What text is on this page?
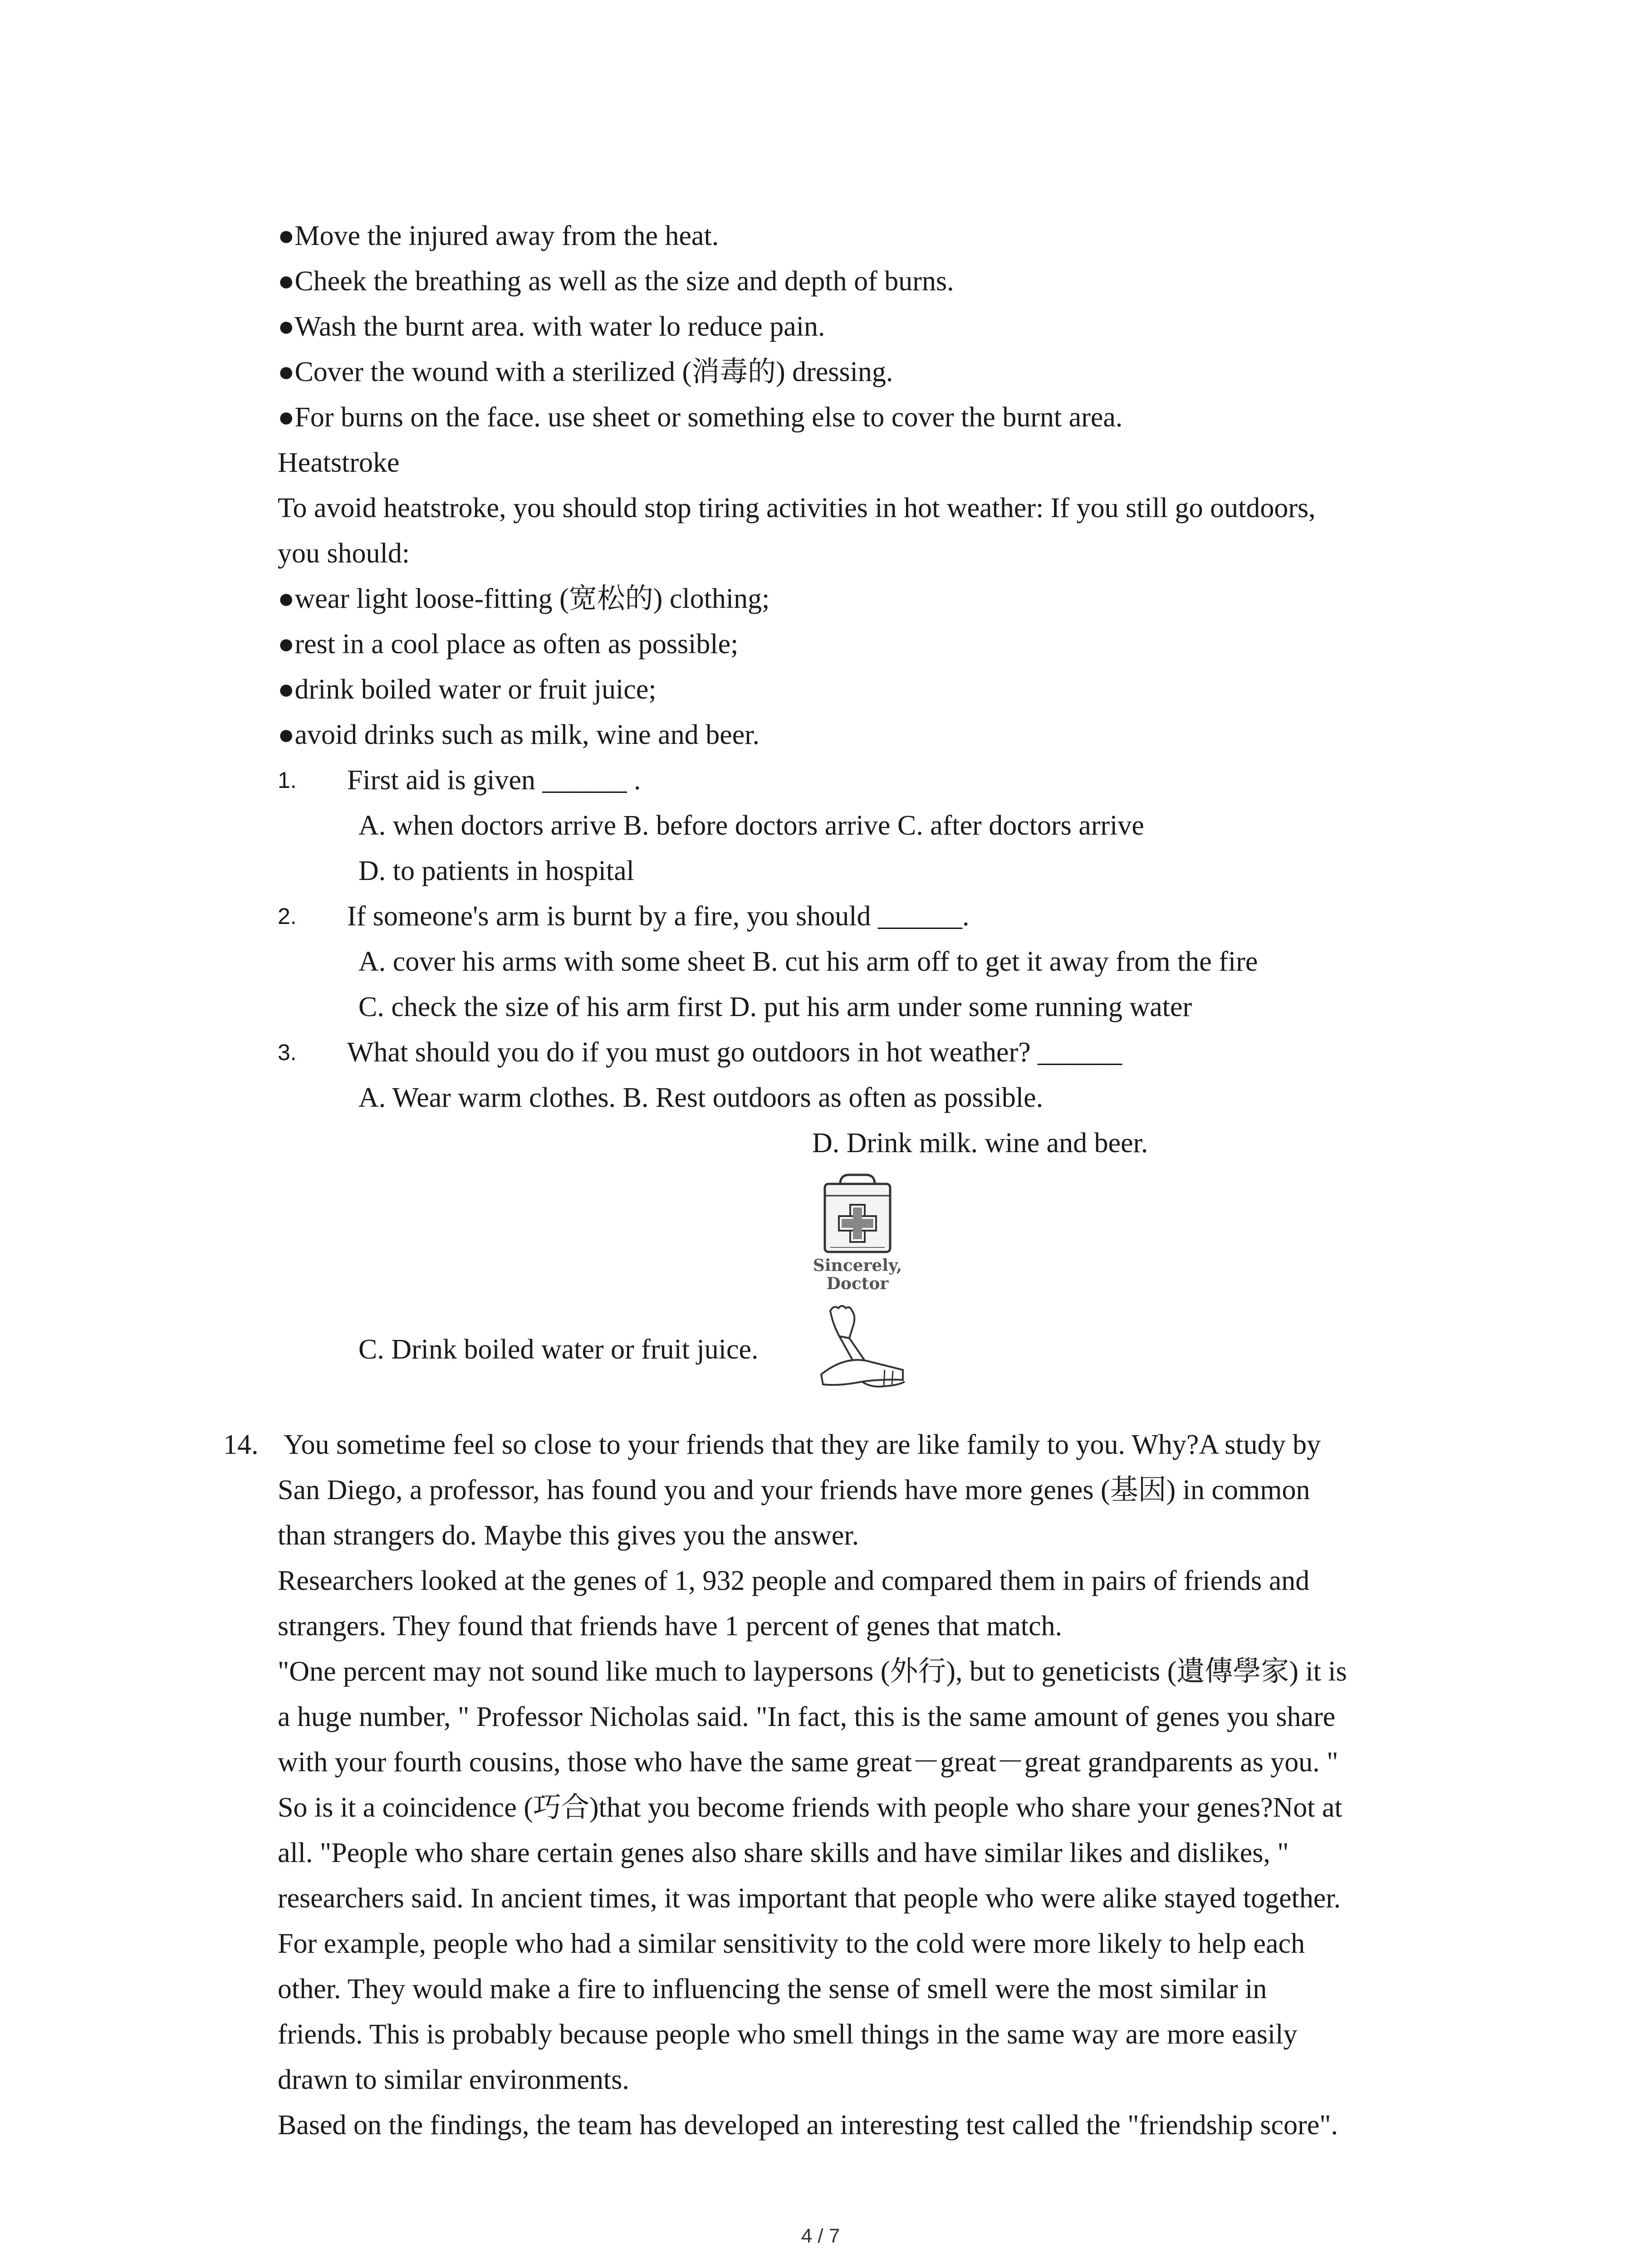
●Move the injured away from the heat.
●Cheek the breathing as well as the size and depth of burns.
●Wash the burnt area. with water lo reduce pain.
●Cover the wound with a sterilized (消毒的) dressing.
●For burns on the face. use sheet or something else to cover the burnt area.
Heatstroke
To avoid heatstroke, you should stop tiring activities in hot weather: If you still go outdoors,
you should:
●wear light loose-fitting (宽松的) clothing;
●rest in a cool place as often as possible;
●drink boiled water or fruit juice;
●avoid drinks such as milk, wine and beer.
1. First aid is given ______ .
A. when doctors arrive B. before doctors arrive C. after doctors arrive
D. to patients in hospital
2. If someone's arm is burnt by a fire, you should ______.
A. cover his arms with some sheet B. cut his arm off to get it away from the fire
C. check the size of his arm first D. put his arm under some running water
3. What should you do if you must go outdoors in hot weather? ______
A. Wear warm clothes. B. Rest outdoors as often as possible.
D. Drink milk. wine and beer.
Sincerely, Doctor
C. Drink boiled water or fruit juice.
14. You sometime feel so close to your friends that they are like family to you. Why?A study by
San Diego, a professor, has found you and your friends have more genes (基因) in common
than strangers do. Maybe this gives you the answer.
Researchers looked at the genes of 1, 932 people and compared them in pairs of friends and
strangers. They found that friends have 1 percent of genes that match.
"One percent may not sound like much to laypersons (外行), but to geneticists (遺傳學家) it is
a huge number, " Professor Nicholas said. "In fact, this is the same amount of genes you share
with your fourth cousins, those who have the same great－great－great grandparents as you. "
So is it a coincidence (巧合)that you become friends with people who share your genes?Not at
all. "People who share certain genes also share skills and have similar likes and dislikes, "
researchers said. In ancient times, it was important that people who were alike stayed together.
For example, people who had a similar sensitivity to the cold were more likely to help each
other. They would make a fire to influencing the sense of smell were the most similar in
friends. This is probably because people who smell things in the same way are more easily
drawn to similar environments.
Based on the findings, the team has developed an interesting test called the "friendship score".
4 / 7
